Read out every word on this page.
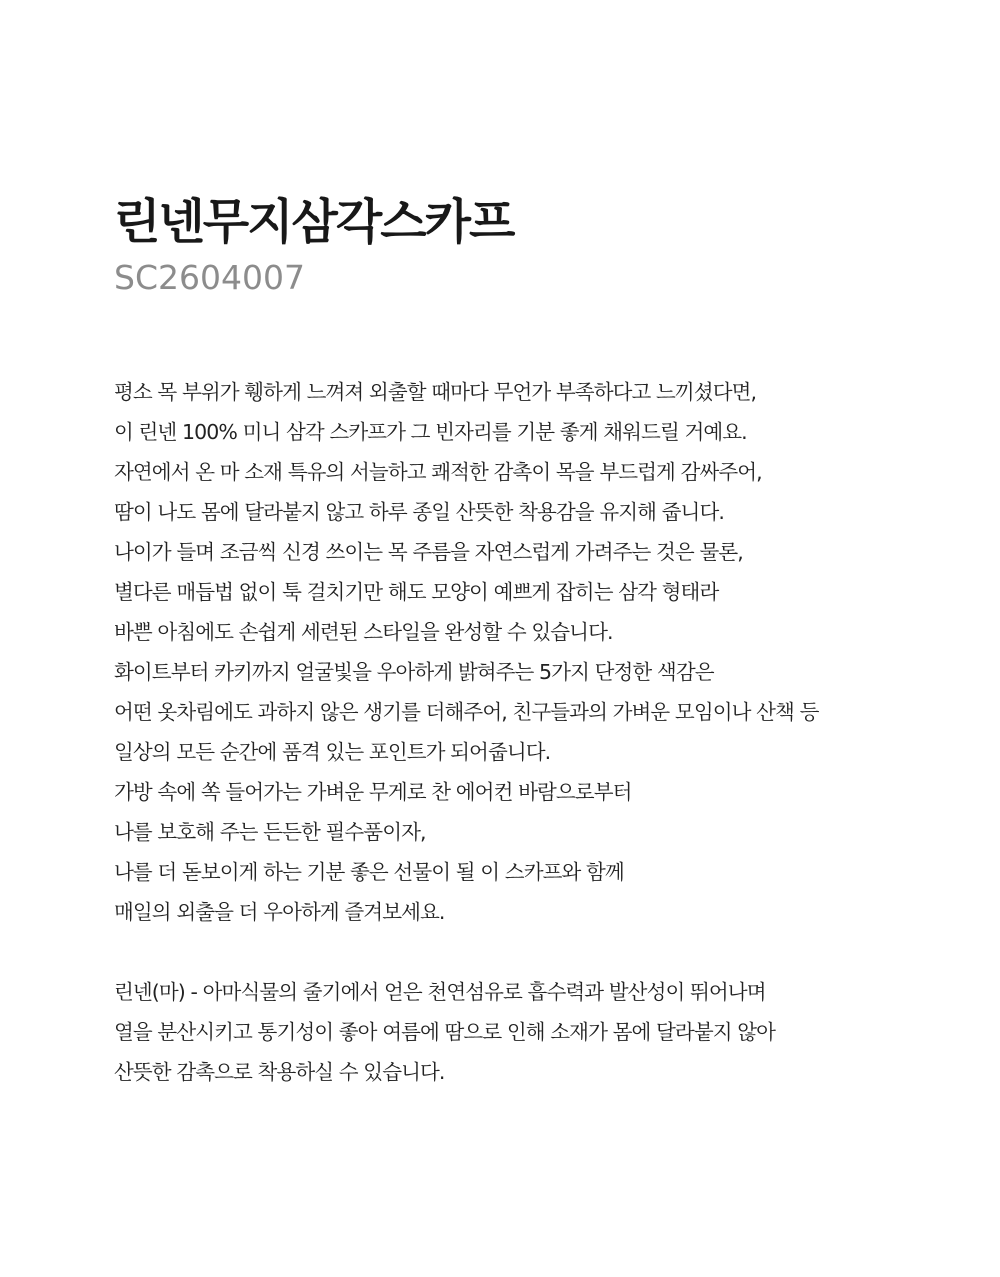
린넨무지삼각스카프
SC2604007

평소 목 부위가 휑하게 느껴져 외출할 때마다 무언가 부족하다고 느끼셨다면,
이 린넨 100% 미니 삼각 스카프가 그 빈자리를 기분 좋게 채워드릴 거예요.
자연에서 온 마 소재 특유의 서늘하고 쾌적한 감촉이 목을 부드럽게 감싸주어,
땀이 나도 몸에 달라붙지 않고 하루 종일 산뜻한 착용감을 유지해 줍니다.
나이가 들며 조금씩 신경 쓰이는 목 주름을 자연스럽게 가려주는 것은 물론,
별다른 매듭법 없이 툭 걸치기만 해도 모양이 예쁘게 잡히는 삼각 형태라
바쁜 아침에도 손쉽게 세련된 스타일을 완성할 수 있습니다.
화이트부터 카키까지 얼굴빛을 우아하게 밝혀주는 5가지 단정한 색감은
어떤 옷차림에도 과하지 않은 생기를 더해주어, 친구들과의 가벼운 모임이나 산책 등
일상의 모든 순간에 품격 있는 포인트가 되어줍니다.
가방 속에 쏙 들어가는 가벼운 무게로 찬 에어컨 바람으로부터
나를 보호해 주는 든든한 필수품이자,
나를 더 돋보이게 하는 기분 좋은 선물이 될 이 스카프와 함께
매일의 외출을 더 우아하게 즐겨보세요.

린넨(마) - 아마식물의 줄기에서 얻은 천연섬유로 흡수력과 발산성이 뛰어나며
열을 분산시키고 통기성이 좋아 여름에 땀으로 인해 소재가 몸에 달라붙지 않아
산뜻한 감촉으로 착용하실 수 있습니다.
